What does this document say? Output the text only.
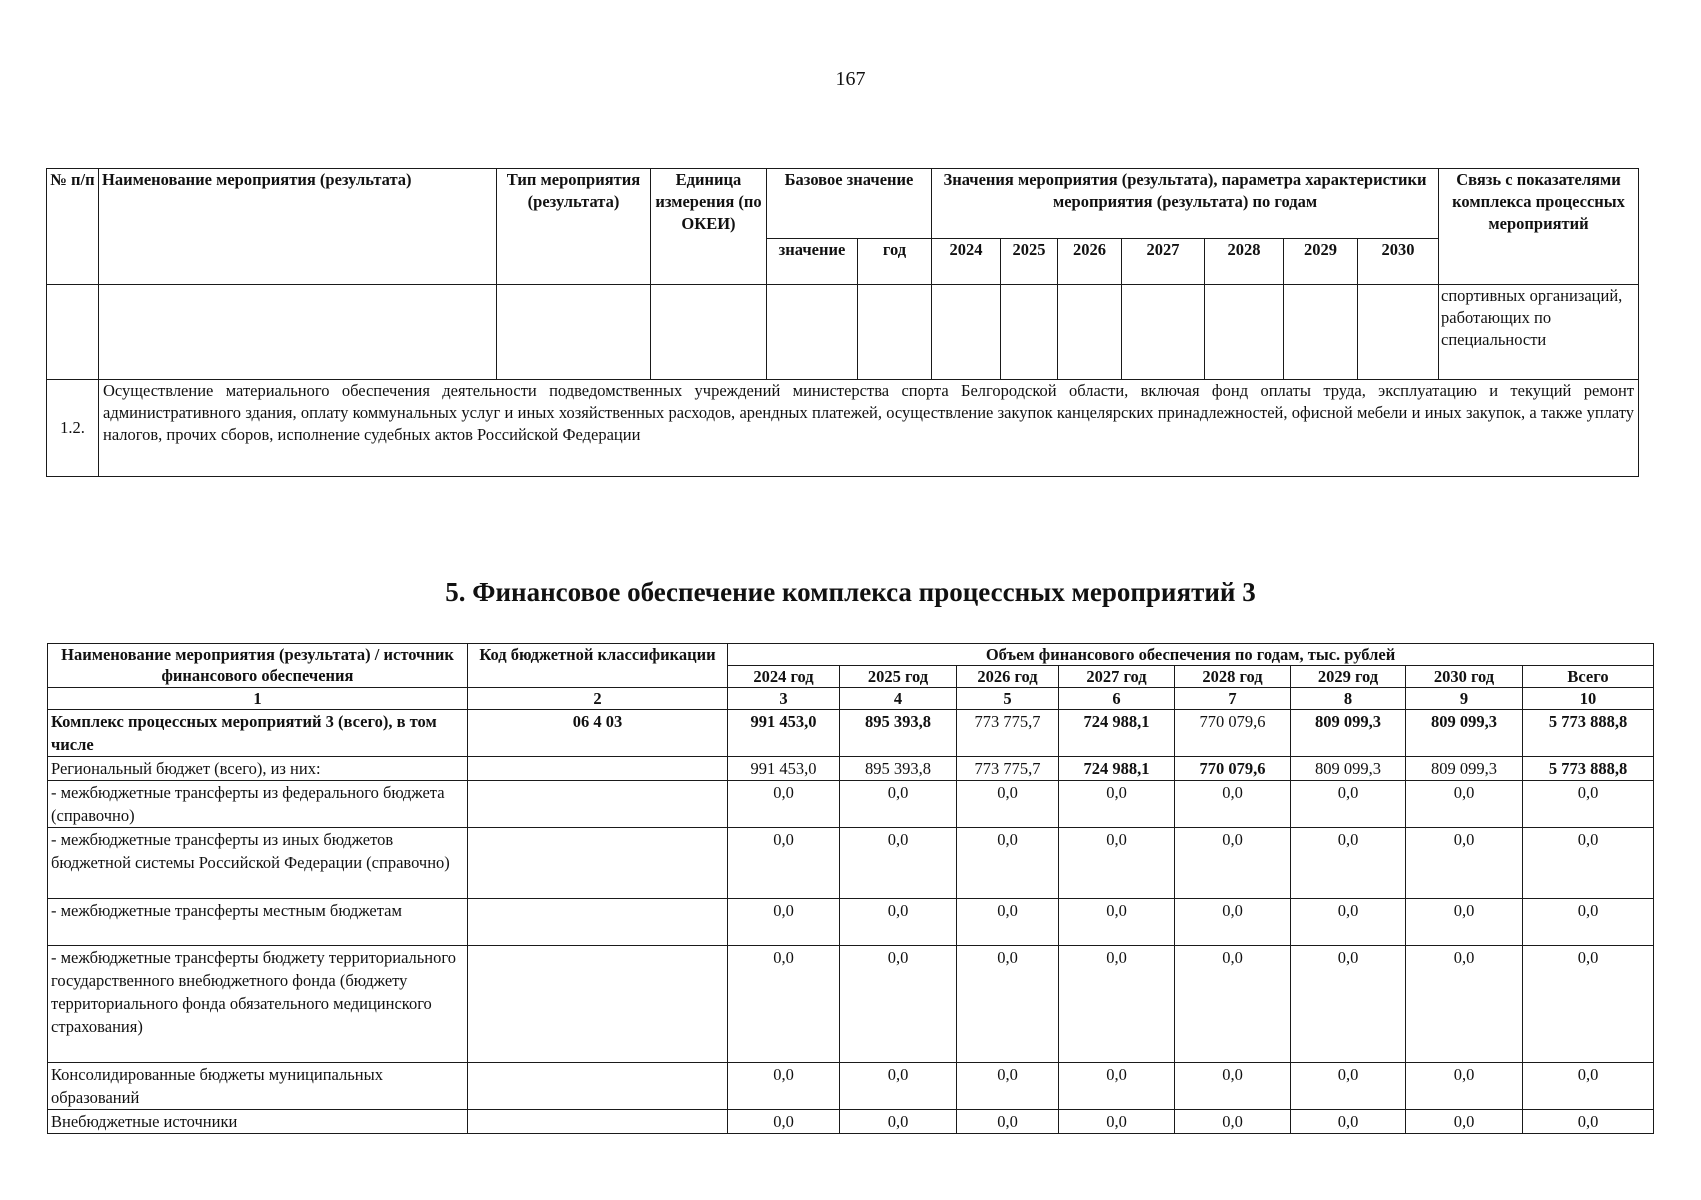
167
№ п/п	Наименование мероприятия (результата)	Тип мероприятия (результата)	Единица измерения (по ОКЕИ)	Базовое значение		Значения мероприятия (результата), параметра характеристики мероприятия (результата) по годам							Связь с показателями комплекса процессных мероприятий
				значение	год	2024	2025	2026	2027	2028	2029	2030	
													спортивных организаций, работающих по специальности
1.2.	Осуществление материального обеспечения деятельности подведомственных учреждений министерства спорта Белгородской области, включая фонд оплаты труда, эксплуатацию и текущий ремонт административного здания, оплату коммунальных услуг и иных хозяйственных расходов, арендных платежей, осуществление закупок канцелярских принадлежностей, офисной мебели и иных закупок, а также уплату налогов, прочих сборов, исполнение судебных актов Российской Федерации												
5. Финансовое обеспечение комплекса процессных мероприятий 3
Наименование мероприятия (результата) / источник финансового обеспечения	Код бюджетной классификации	Объем финансового обеспечения по годам, тыс. рублей							
		2024 год	2025 год	2026 год	2027 год	2028 год	2029 год	2030 год	Всего
1	2	3	4	5	6	7	8	9	10
Комплекс процессных мероприятий 3 (всего), в том числе	06 4 03	991 453,0	895 393,8	773 775,7	724 988,1	770 079,6	809 099,3	809 099,3	5 773 888,8
Региональный бюджет (всего), из них:		991 453,0	895 393,8	773 775,7	724 988,1	770 079,6	809 099,3	809 099,3	5 773 888,8
- межбюджетные трансферты из федерального бюджета (справочно)		0,0	0,0	0,0	0,0	0,0	0,0	0,0	0,0
- межбюджетные трансферты из иных бюджетов бюджетной системы Российской Федерации (справочно)		0,0	0,0	0,0	0,0	0,0	0,0	0,0	0,0
- межбюджетные трансферты местным бюджетам		0,0	0,0	0,0	0,0	0,0	0,0	0,0	0,0
- межбюджетные трансферты бюджету территориального государственного внебюджетного фонда (бюджету территориального фонда обязательного медицинского страхования)		0,0	0,0	0,0	0,0	0,0	0,0	0,0	0,0
Консолидированные бюджеты муниципальных образований		0,0	0,0	0,0	0,0	0,0	0,0	0,0	0,0
Внебюджетные источники		0,0	0,0	0,0	0,0	0,0	0,0	0,0	0,0
